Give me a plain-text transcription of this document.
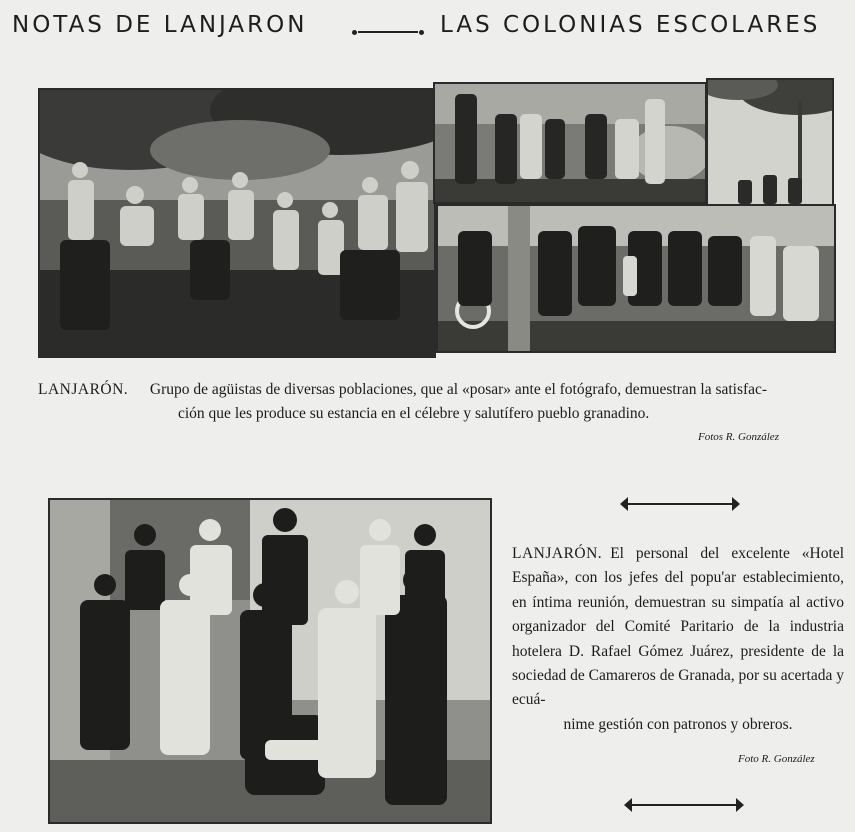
NOTAS DE LANJARON	LAS COLONIAS ESCOLARES
LANJARÓN. Grupo de agüistas de diversas poblaciones, que al «posar» ante el fotógrafo, demuestran la satisfac-
ción que les produce su estancia en el célebre y salutífero pueblo granadino.
Fotos R. González
LANJARÓN. El personal del excelente «Hotel España», con los jefes del popu'ar establecimiento, en íntima reunión, demuestran su simpatía al activo organizador del Comité Paritario de la industria hotelera D. Rafael Gómez Juárez, presidente de la sociedad de Camareros de Granada, por su acertada y ecuá-
nime gestión con patronos y obreros.
Foto R. González
